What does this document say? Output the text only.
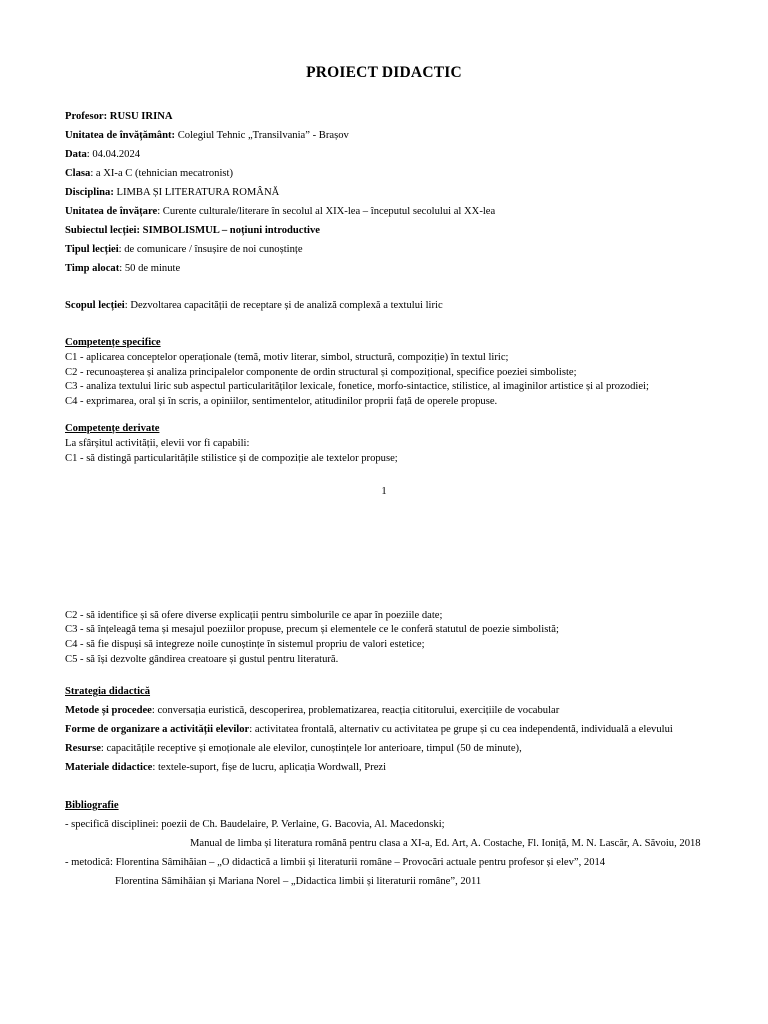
PROIECT DIDACTIC
Profesor: RUSU IRINA
Unitatea de învățământ: Colegiul Tehnic „Transilvania” - Brașov
Data: 04.04.2024
Clasa: a XI-a C (tehnician mecatronist)
Disciplina: LIMBA ȘI LITERATURA ROMÂNĂ
Unitatea de învățare: Curente culturale/literare în secolul al XIX-lea – începutul secolului al XX-lea
Subiectul lecției: SIMBOLISMUL – noțiuni introductive
Tipul lecției: de comunicare / însușire de noi cunoștințe
Timp alocat: 50 de minute
Scopul lecției: Dezvoltarea capacității de receptare și de analiză complexă a textului liric
Competențe specifice
C1 - aplicarea conceptelor operaționale (temă, motiv literar, simbol, structură, compoziție) în textul liric;
C2 - recunoașterea și analiza principalelor componente de ordin structural și compozițional, specifice poeziei simboliste;
C3 - analiza textului liric sub aspectul particularităților lexicale, fonetice, morfo-sintactice, stilistice, al imaginilor artistice și al prozodiei;
C4 - exprimarea, oral și în scris, a opiniilor, sentimentelor, atitudinilor proprii față de operele propuse.
Competențe derivate
La sfârșitul activității, elevii vor fi capabili:
C1 - să distingă particularitățile stilistice și de compoziție ale textelor propuse;
1
C2 - să identifice și să ofere diverse explicații pentru simbolurile ce apar în poeziile date;
C3 - să înțeleagă tema și mesajul poeziilor propuse, precum și elementele ce le conferă statutul de poezie simbolistă;
C4 - să fie dispuși să integreze noile cunoștințe în sistemul propriu de valori estetice;
C5 - să își dezvolte gândirea creatoare și gustul pentru literatură.
Strategia didactică
Metode și procedee: conversația euristică, descoperirea, problematizarea, reacția cititorului, exercițiile de vocabular
Forme de organizare a activității elevilor: activitatea frontală, alternativ cu activitatea pe grupe și cu cea independentă, individuală a elevului
Resurse: capacitățile receptive și emoționale ale elevilor, cunoștințele lor anterioare, timpul (50 de minute),
Materiale didactice: textele-suport, fișe de lucru, aplicația Wordwall, Prezi
Bibliografie
- specifică disciplinei: poezii de Ch. Baudelaire, P. Verlaine, G. Bacovia, Al. Macedonski;
Manual de limba și literatura română pentru clasa a XI-a, Ed. Art, A. Costache, Fl. Ioniță, M. N. Lascăr, A. Săvoiu, 2018
- metodică: Florentina Sâmihăian – „O didactică a limbii și literaturii române – Provocări actuale pentru profesor și elev”, 2014
Florentina Sâmihăian și Mariana Norel – „Didactica limbii și literaturii române”, 2011
